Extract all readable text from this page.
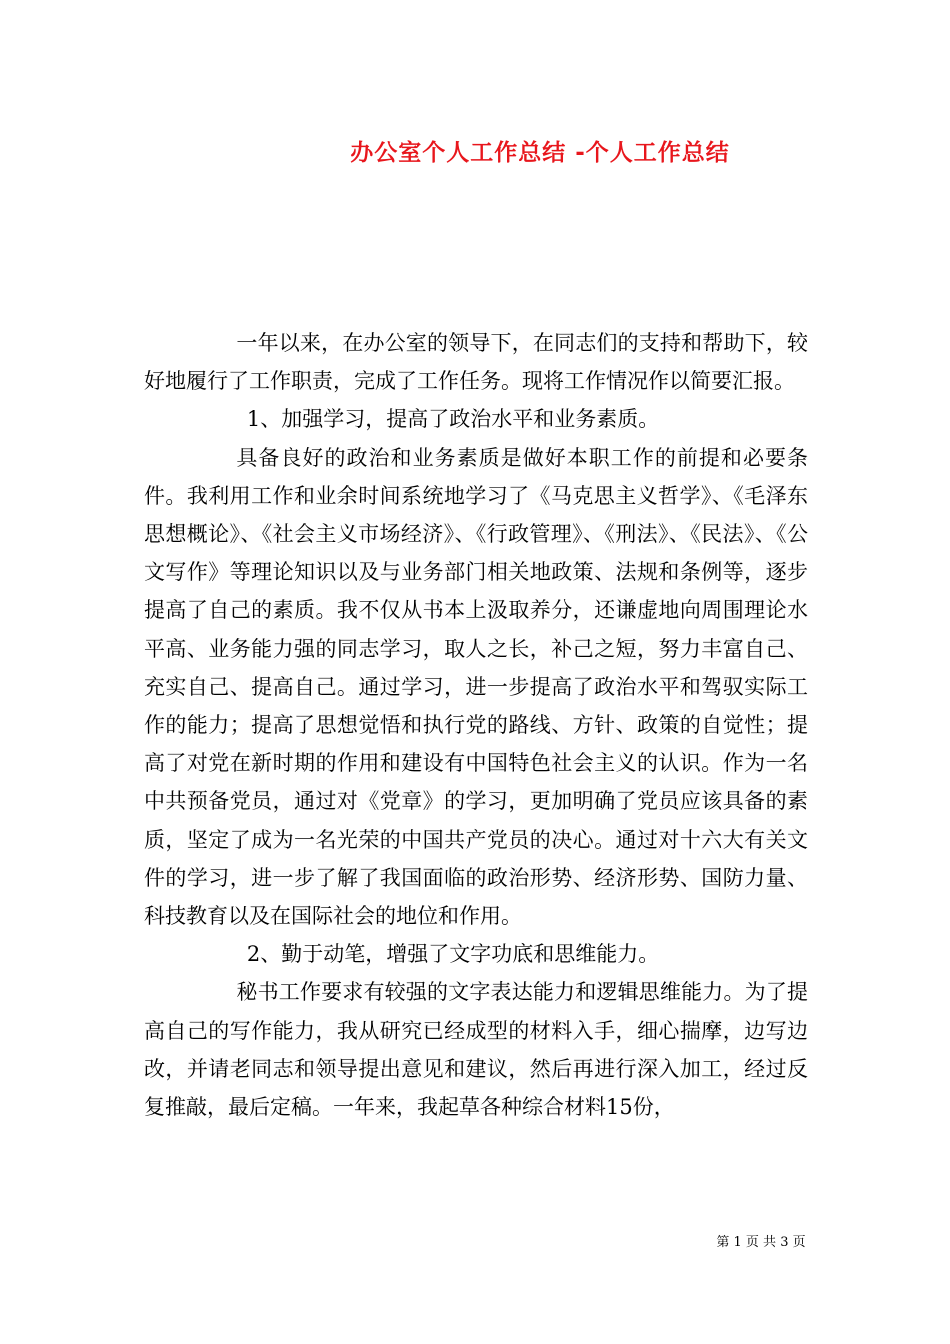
办公室个人工作总结 -个人工作总结

一年以来，在办公室的领导下，在同志们的支持和帮助下，较好地履行了工作职责，完成了工作任务。现将工作情况作以简要汇报。

1、加强学习，提高了政治水平和业务素质。

具备良好的政治和业务素质是做好本职工作的前提和必要条件。我利用工作和业余时间系统地学习了《马克思主义哲学》、《毛泽东思想概论》、《社会主义市场经济》、《行政管理》、《刑法》、《民法》、《公文写作》等理论知识以及与业务部门相关地政策、法规和条例等，逐步提高了自己的素质。我不仅从书本上汲取养分，还谦虚地向周围理论水平高、业务能力强的同志学习，取人之长，补己之短，努力丰富自己、充实自己、提高自己。通过学习，进一步提高了政治水平和驾驭实际工作的能力；提高了思想觉悟和执行党的路线、方针、政策的自觉性；提高了对党在新时期的作用和建设有中国特色社会主义的认识。作为一名中共预备党员，通过对《党章》的学习，更加明确了党员应该具备的素质，坚定了成为一名光荣的中国共产党员的决心。通过对十六大有关文件的学习，进一步了解了我国面临的政治形势、经济形势、国防力量、科技教育以及在国际社会的地位和作用。

2、勤于动笔，增强了文字功底和思维能力。

秘书工作要求有较强的文字表达能力和逻辑思维能力。为了提高自己的写作能力，我从研究已经成型的材料入手，细心揣摩，边写边改，并请老同志和领导提出意见和建议，然后再进行深入加工，经过反复推敲，最后定稿。一年来，我起草各种综合材料15份，

第 1 页 共 3 页
